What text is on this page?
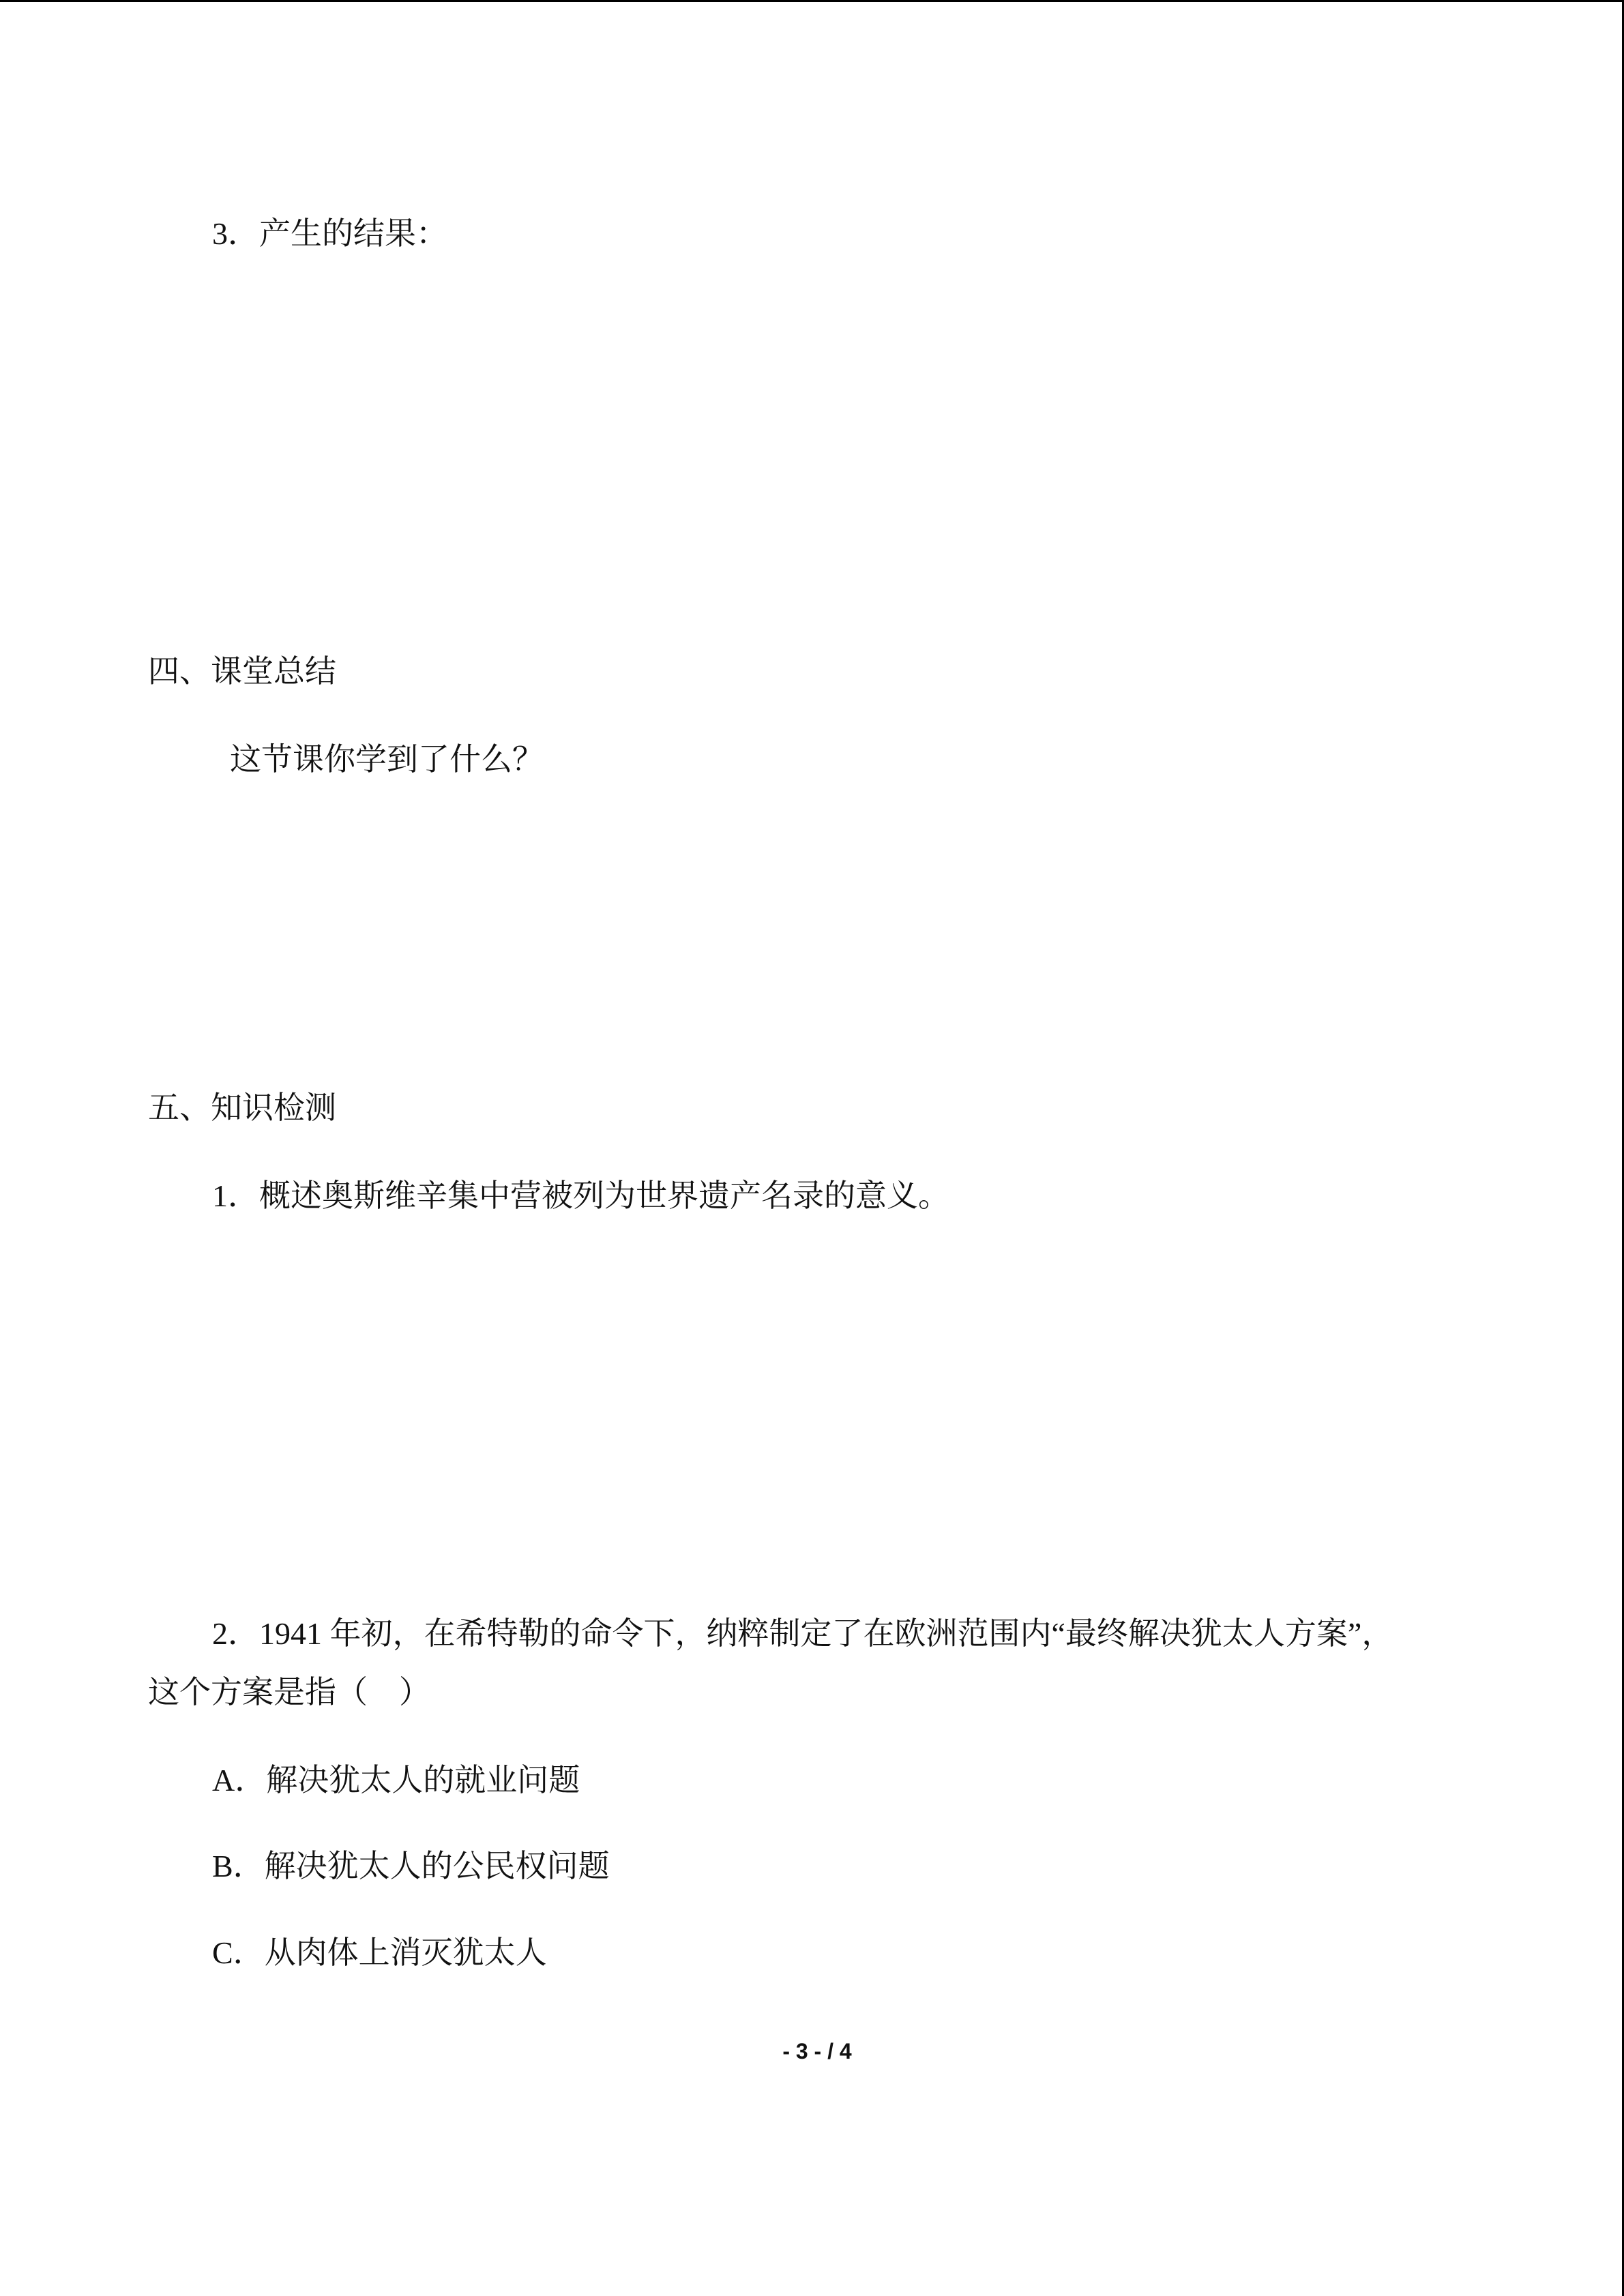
3．产生的结果：
四、课堂总结
这节课你学到了什么？
五、知识检测
1．概述奥斯维辛集中营被列为世界遗产名录的意义。
2．1941 年初，在希特勒的命令下，纳粹制定了在欧洲范围内“最终解决犹太人方案”，
这个方案是指（　）
A．解决犹太人的就业问题
B．解决犹太人的公民权问题
C．从肉体上消灭犹太人
- 3 - / 4
